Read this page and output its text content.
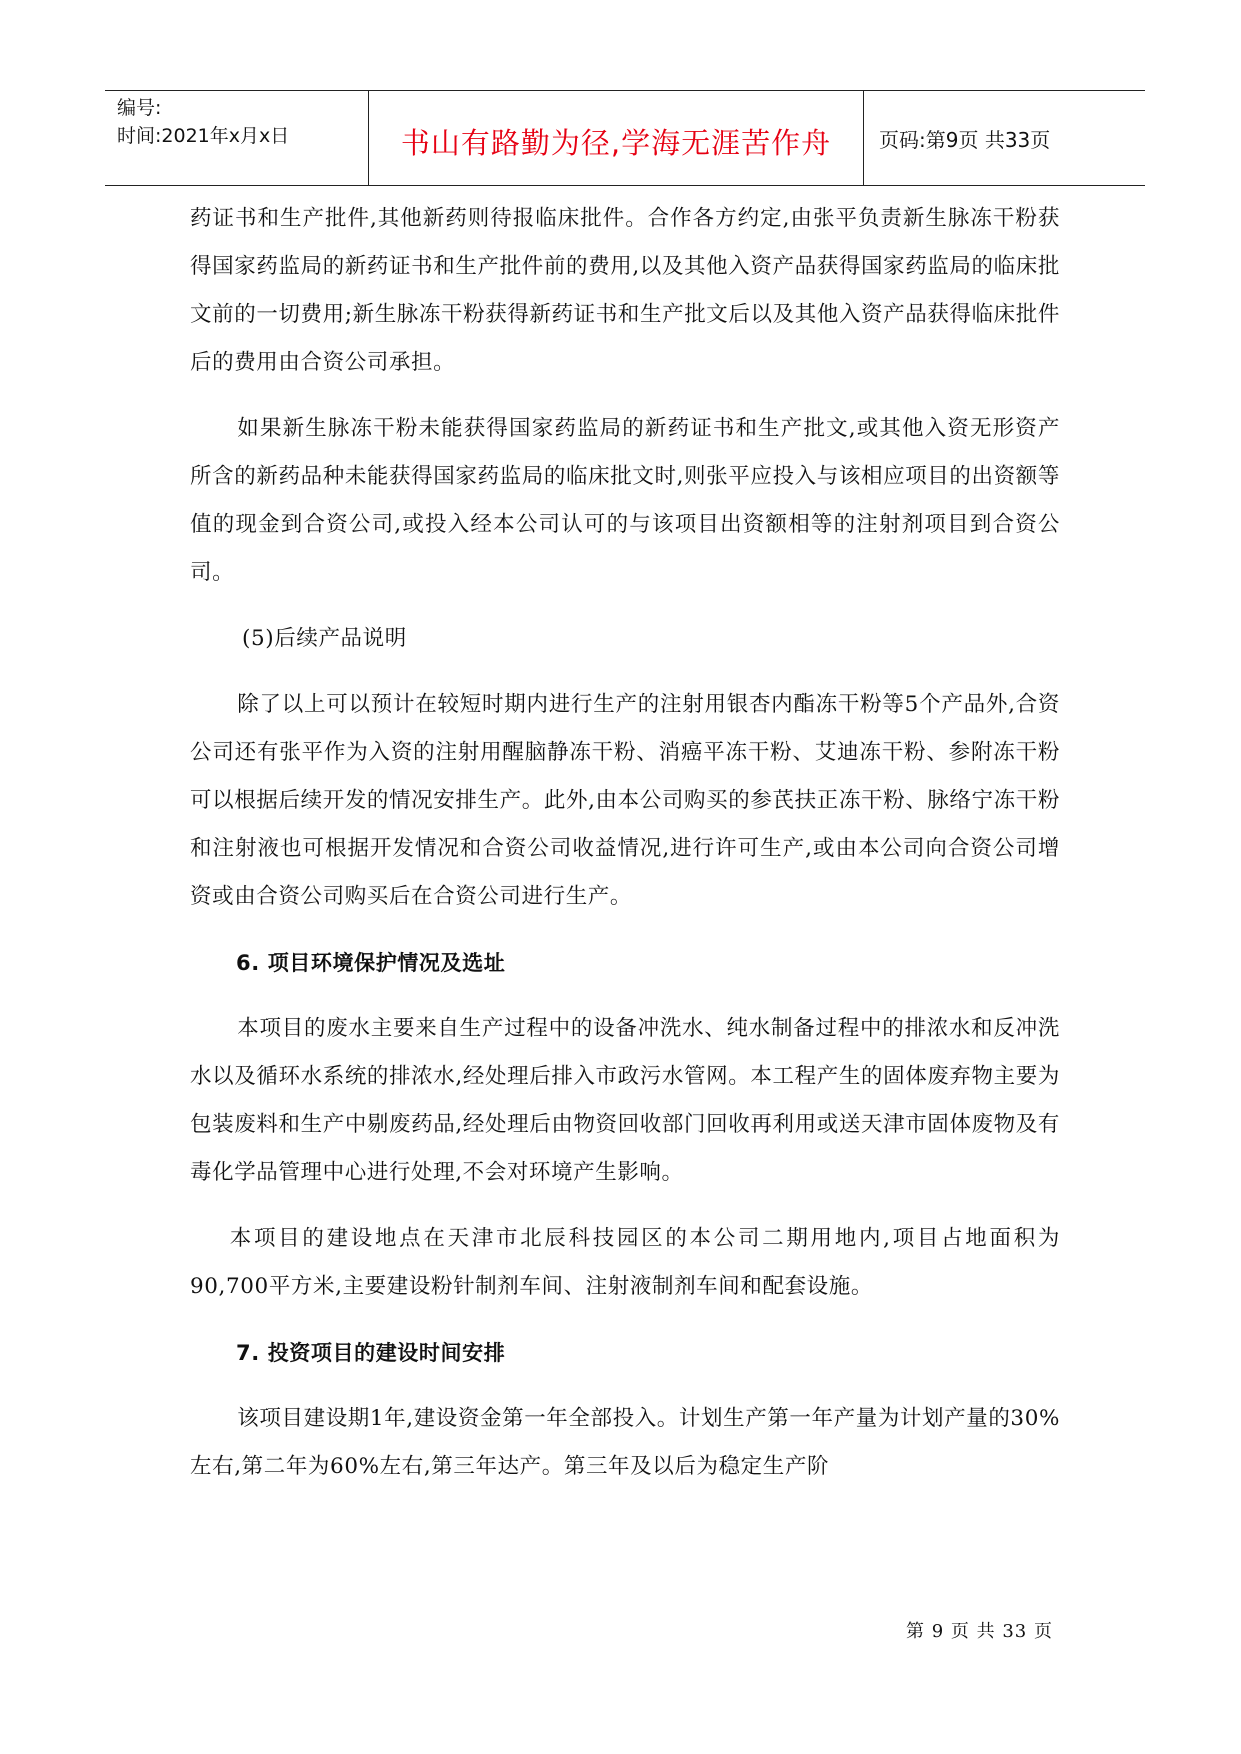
编号:
时间:2021年x月x日	书山有路勤为径,学海无涯苦作舟	页码:第9页 共33页

药证书和生产批件,其他新药则待报临床批件。合作各方约定,由张平负责新生脉冻干粉获得国家药监局的新药证书和生产批件前的费用,以及其他入资产品获得国家药监局的临床批文前的一切费用;新生脉冻干粉获得新药证书和生产批文后以及其他入资产品获得临床批件后的费用由合资公司承担。

如果新生脉冻干粉未能获得国家药监局的新药证书和生产批文,或其他入资无形资产所含的新药品种未能获得国家药监局的临床批文时,则张平应投入与该相应项目的出资额等值的现金到合资公司,或投入经本公司认可的与该项目出资额相等的注射剂项目到合资公司。

(5)后续产品说明

除了以上可以预计在较短时期内进行生产的注射用银杏内酯冻干粉等5个产品外,合资公司还有张平作为入资的注射用醒脑静冻干粉、消癌平冻干粉、艾迪冻干粉、参附冻干粉可以根据后续开发的情况安排生产。此外,由本公司购买的参芪扶正冻干粉、脉络宁冻干粉和注射液也可根据开发情况和合资公司收益情况,进行许可生产,或由本公司向合资公司增资或由合资公司购买后在合资公司进行生产。

6. 项目环境保护情况及选址

本项目的废水主要来自生产过程中的设备冲洗水、纯水制备过程中的排浓水和反冲洗水以及循环水系统的排浓水,经处理后排入市政污水管网。本工程产生的固体废弃物主要为包装废料和生产中剔废药品,经处理后由物资回收部门回收再利用或送天津市固体废物及有毒化学品管理中心进行处理,不会对环境产生影响。

本项目的建设地点在天津市北辰科技园区的本公司二期用地内,项目占地面积为90,700平方米,主要建设粉针制剂车间、注射液制剂车间和配套设施。

7. 投资项目的建设时间安排

该项目建设期1年,建设资金第一年全部投入。计划生产第一年产量为计划产量的30%左右,第二年为60%左右,第三年达产。第三年及以后为稳定生产阶

第 9 页 共 33 页
